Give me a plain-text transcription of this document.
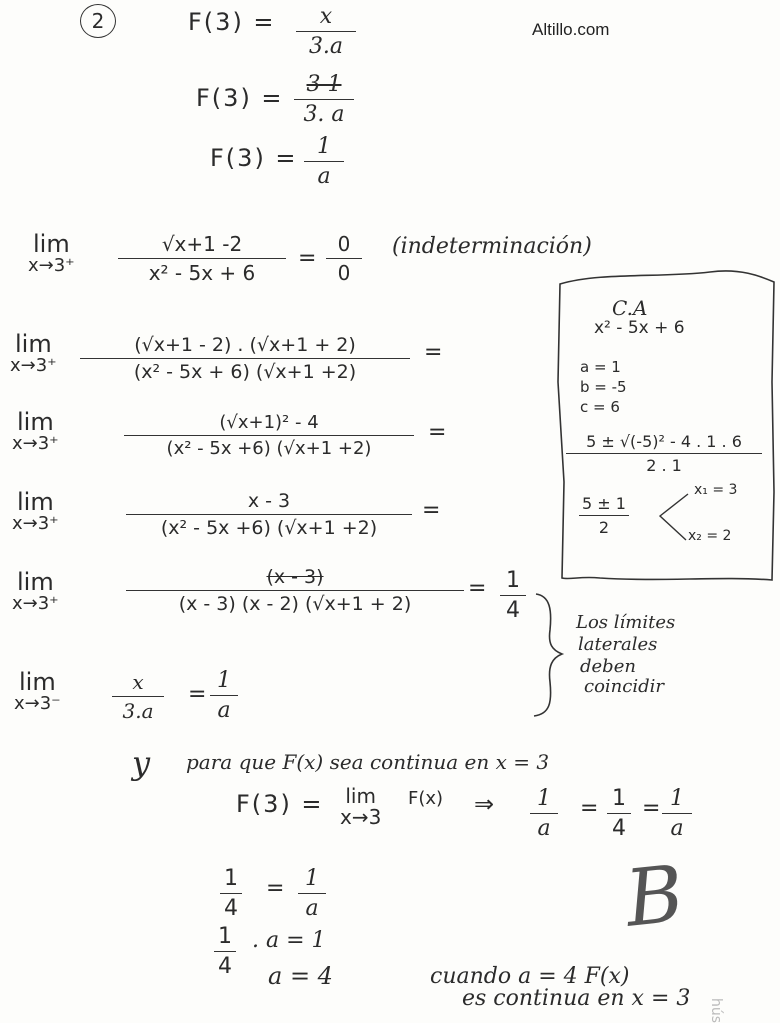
Altillo.com
2	F(3) = x
3.a
F(3) = 3 1
3. a
F(3) = 1
a
lim
x→3⁺
√x+1 -2
x² - 5x + 6
=
0
0
(indeterminación)
lim
x→3⁺
(√x+1 - 2) . (√x+1 + 2)
(x² - 5x + 6) (√x+1 +2)
=
lim
x→3⁺
(√x+1)² - 4
(x² - 5x +6) (√x+1 +2)
=
lim
x→3⁺
x - 3
(x² - 5x +6) (√x+1 +2)
=
lim
x→3⁺
(x - 3)
(x - 3) (x - 2) (√x+1 + 2)
= 1
4
lim
x→3⁻
x
3.a
=
1
a
C.A
x² - 5x + 6
a = 1
b = -5
c = 6
5 ± √(-5)² - 4 . 1 . 6
2 . 1
5 ± 1
2
x₁ = 3
x₂ = 2
Los límites
laterales
deben
coincidir
y para que F(x) sea continua en x = 3
F(3) = lim
x→3
F(x) ⇒ 1
a
= 1
4
= 1
a
1
4
= 1
a
1
4
. a = 1
a = 4	cuando a = 4 F(x)
es continua en x = 3
B
hús
